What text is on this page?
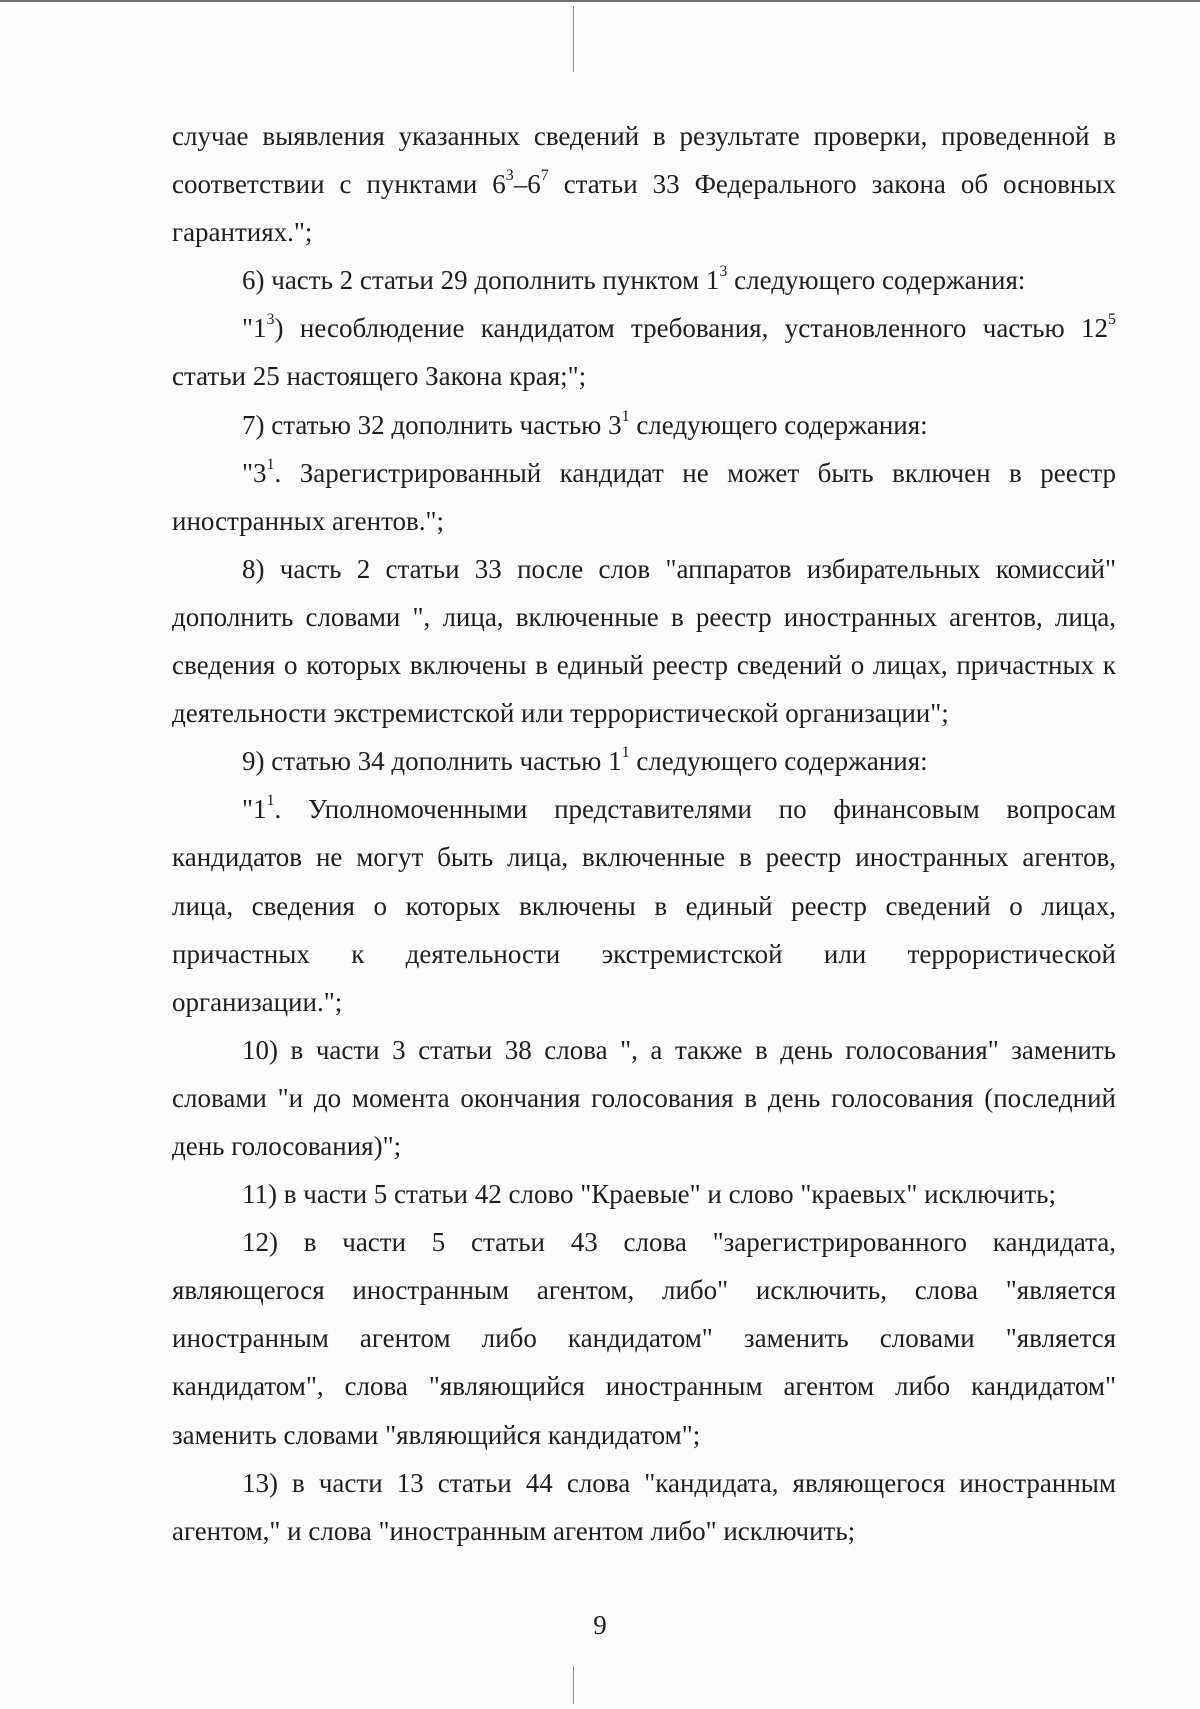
случае выявления указанных сведений в результате проверки, проведенной в соответствии с пунктами $6^3-6^7$ статьи 33 Федерального закона об основных гарантиях.";

6) часть 2 статьи 29 дополнить пунктом $1^3$ следующего содержания:

"$1^3$) несоблюдение кандидатом требования, установленного частью $12^5$ статьи 25 настоящего Закона края;";

7) статью 32 дополнить частью $3^1$ следующего содержания:

"$3^1$. Зарегистрированный кандидат не может быть включен в реестр иностранных агентов.";

8) часть 2 статьи 33 после слов "аппаратов избирательных комиссий" дополнить словами ", лица, включенные в реестр иностранных агентов, лица, сведения о которых включены в единый реестр сведений о лицах, причастных к деятельности экстремистской или террористической организации";

9) статью 34 дополнить частью $1^1$ следующего содержания:

"$1^1$. Уполномоченными представителями по финансовым вопросам кандидатов не могут быть лица, включенные в реестр иностранных агентов, лица, сведения о которых включены в единый реестр сведений о лицах, причастных к деятельности экстремистской или террористической организации.";

10) в части 3 статьи 38 слова ", а также в день голосования" заменить словами "и до момента окончания голосования в день голосования (последний день голосования)";

11) в части 5 статьи 42 слово "Краевые" и слово "краевых" исключить;

12) в части 5 статьи 43 слова "зарегистрированного кандидата, являющегося иностранным агентом, либо" исключить, слова "является иностранным агентом либо кандидатом" заменить словами "является кандидатом", слова "являющийся иностранным агентом либо кандидатом" заменить словами "являющийся кандидатом";

13) в части 13 статьи 44 слова "кандидата, являющегося иностранным агентом," и слова "иностранным агентом либо" исключить;

9
